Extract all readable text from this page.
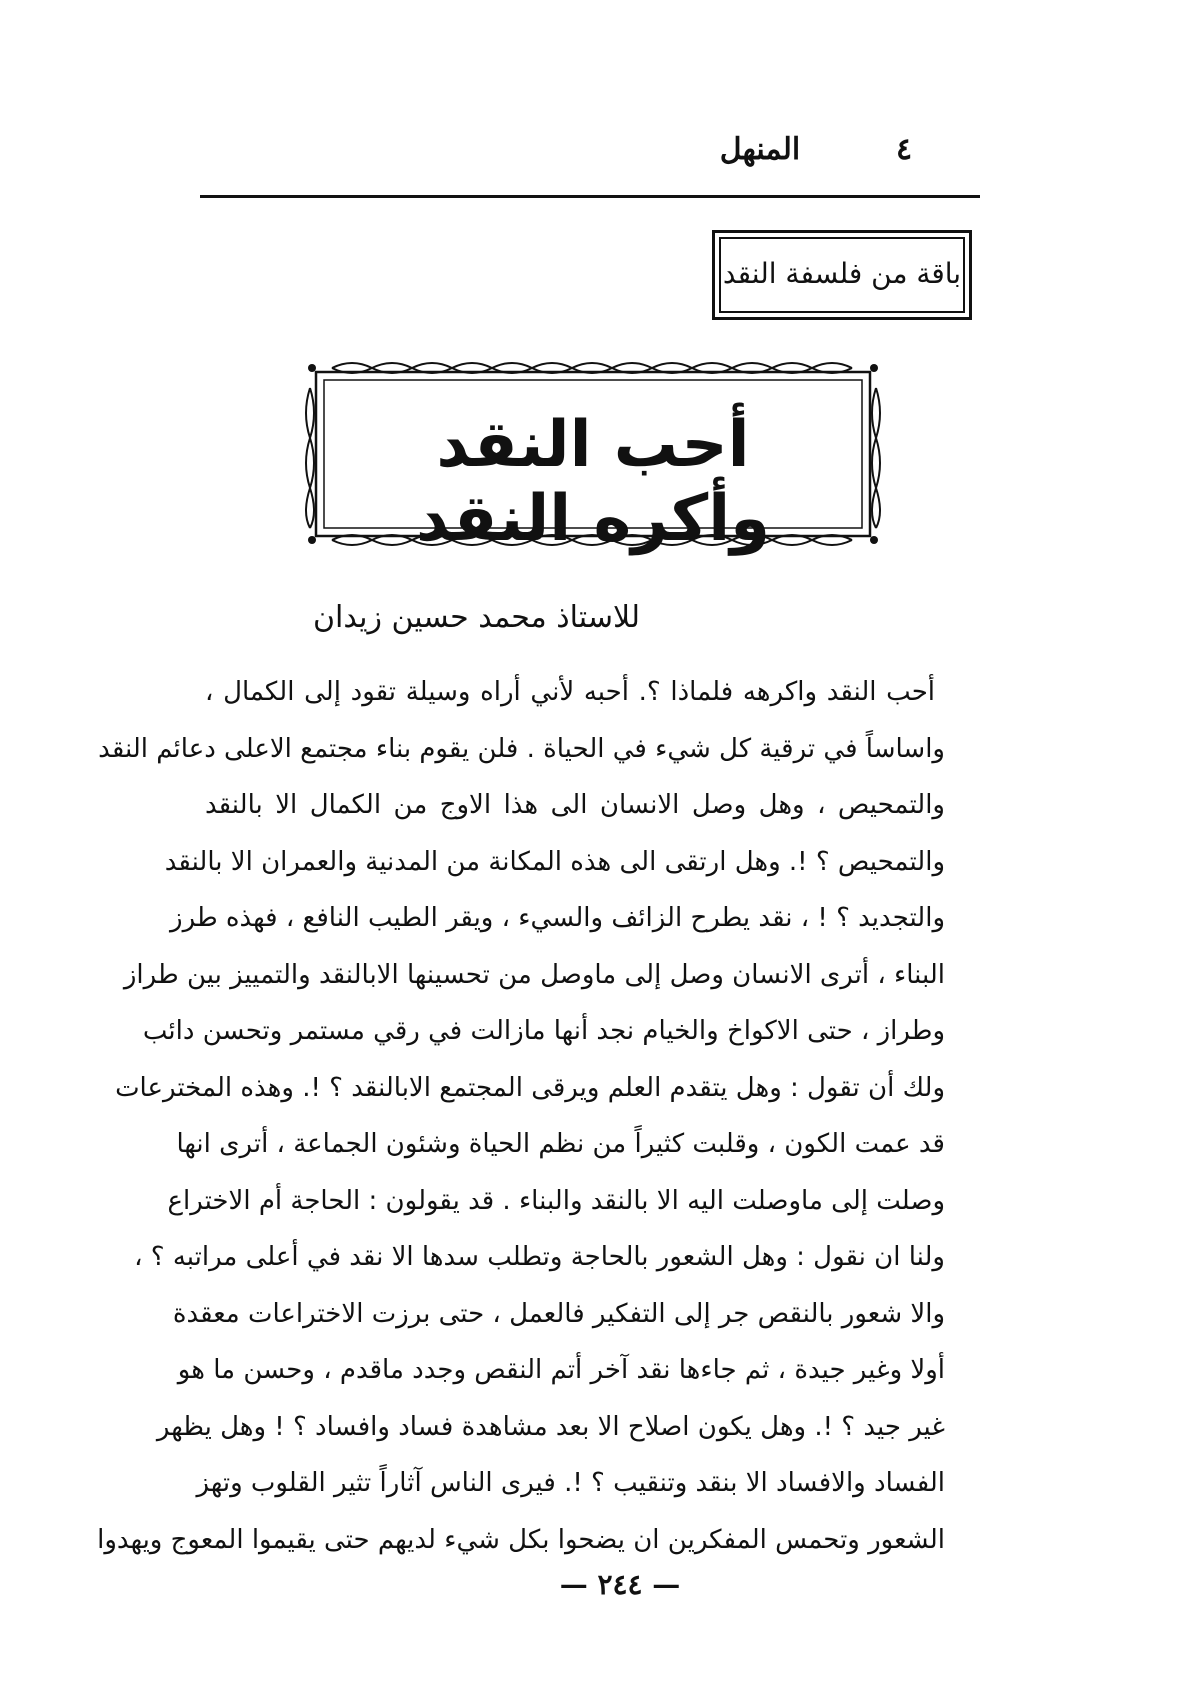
٤
المنهل
باقة من فلسفة النقد
أحب النقد وأكره النقد
للاستاذ محمد حسين زيدان
أحب النقد واكرهه فلماذا ؟. أحبه لأني أراه وسيلة تقود إلى الكمال ،
واساساً في ترقية كل شيء في الحياة . فلن يقوم بناء مجتمع الاعلى دعائم النقد
والتمحيص ، وهل وصل الانسان الى هذا الاوج من الكمال الا بالنقد
والتمحيص ؟ !. وهل ارتقى الى هذه المكانة من المدنية والعمران الا بالنقد
والتجديد ؟ ! ، نقد يطرح الزائف والسيء ، ويقر الطيب النافع ، فهذه طرز
البناء ، أترى الانسان وصل إلى ماوصل من تحسينها الابالنقد والتمييز بين طراز
وطراز ، حتى الاكواخ والخيام نجد أنها مازالت في رقي مستمر وتحسن دائب
ولك أن تقول : وهل يتقدم العلم ويرقى المجتمع الابالنقد ؟ !. وهذه المخترعات
قد عمت الكون ، وقلبت كثيراً من نظم الحياة وشئون الجماعة ، أترى انها
وصلت إلى ماوصلت اليه الا بالنقد والبناء . قد يقولون : الحاجة أم الاختراع
ولنا ان نقول : وهل الشعور بالحاجة وتطلب سدها الا نقد في أعلى مراتبه ؟ ،
والا شعور بالنقص جر إلى التفكير فالعمل ، حتى برزت الاختراعات معقدة
أولا وغير جيدة ، ثم جاءها نقد آخر أتم النقص وجدد ماقدم ، وحسن ما هو
غير جيد ؟ !. وهل يكون اصلاح الا بعد مشاهدة فساد وافساد ؟ ! وهل يظهر
الفساد والافساد الا بنقد وتنقيب ؟ !. فيرى الناس آثاراً تثير القلوب وتهز
الشعور وتحمس المفكرين ان يضحوا بكل شيء لديهم حتى يقيموا المعوج ويهدوا
— ٢٤٤ —
